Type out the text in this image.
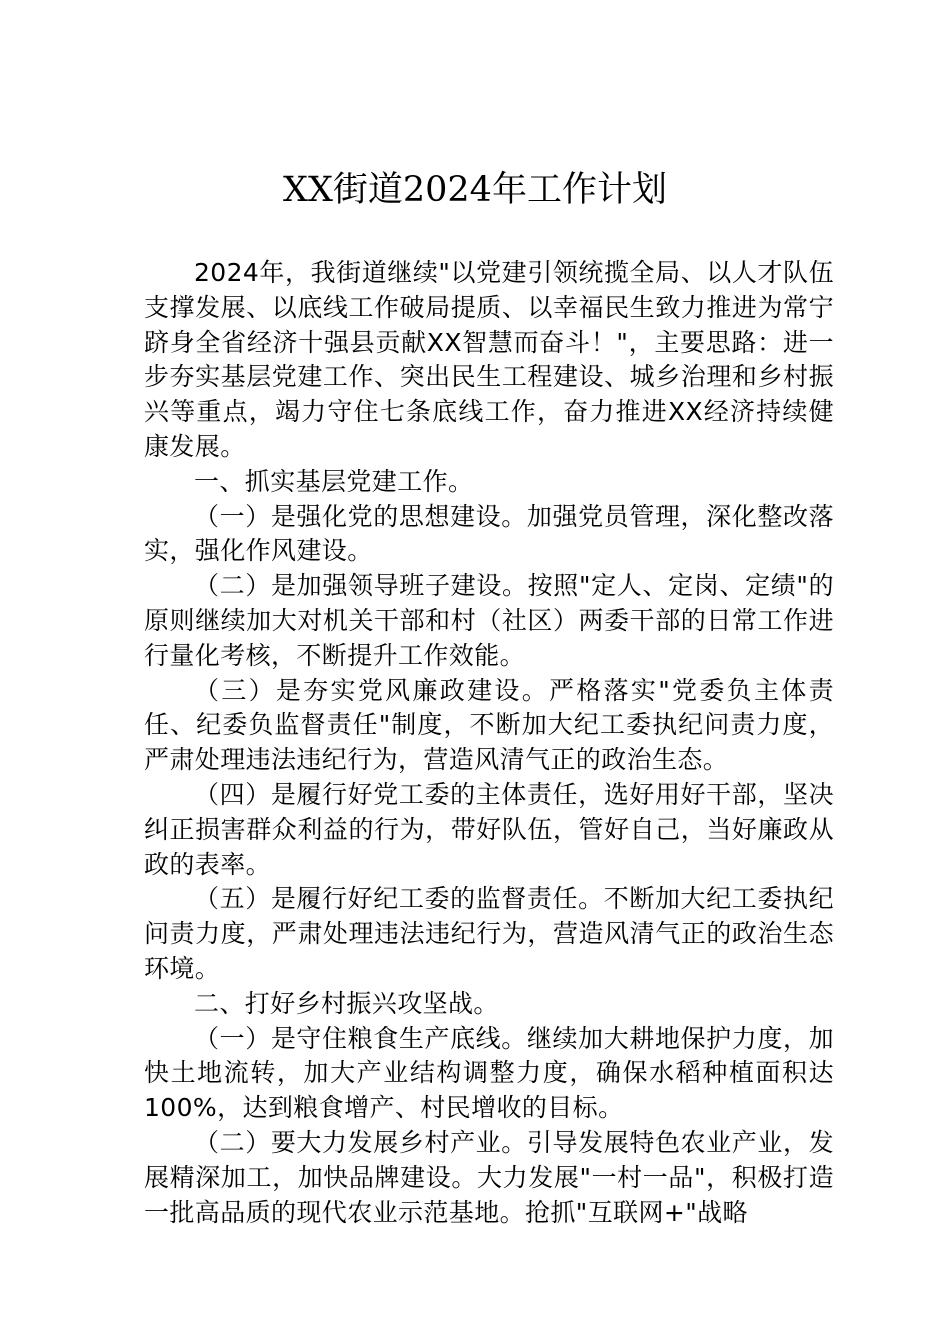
XX街道2024年工作计划

2024年，我街道继续"以党建引领统揽全局、以人才队伍支撑发展、以底线工作破局提质、以幸福民生致力推进为常宁跻身全省经济十强县贡献XX智慧而奋斗！"，主要思路：进一步夯实基层党建工作、突出民生工程建设、城乡治理和乡村振兴等重点，竭力守住七条底线工作，奋力推进XX经济持续健康发展。

一、抓实基层党建工作。

（一）是强化党的思想建设。加强党员管理，深化整改落实，强化作风建设。

（二）是加强领导班子建设。按照"定人、定岗、定绩"的原则继续加大对机关干部和村（社区）两委干部的日常工作进行量化考核，不断提升工作效能。

（三）是夯实党风廉政建设。严格落实"党委负主体责任、纪委负监督责任"制度，不断加大纪工委执纪问责力度，严肃处理违法违纪行为，营造风清气正的政治生态。

（四）是履行好党工委的主体责任，选好用好干部，坚决纠正损害群众利益的行为，带好队伍，管好自己，当好廉政从政的表率。

（五）是履行好纪工委的监督责任。不断加大纪工委执纪问责力度，严肃处理违法违纪行为，营造风清气正的政治生态环境。

二、打好乡村振兴攻坚战。

（一）是守住粮食生产底线。继续加大耕地保护力度，加快土地流转，加大产业结构调整力度，确保水稻种植面积达100%，达到粮食增产、村民增收的目标。

（二）要大力发展乡村产业。引导发展特色农业产业，发展精深加工，加快品牌建设。大力发展"一村一品"，积极打造一批高品质的现代农业示范基地。抢抓"互联网+"战略
